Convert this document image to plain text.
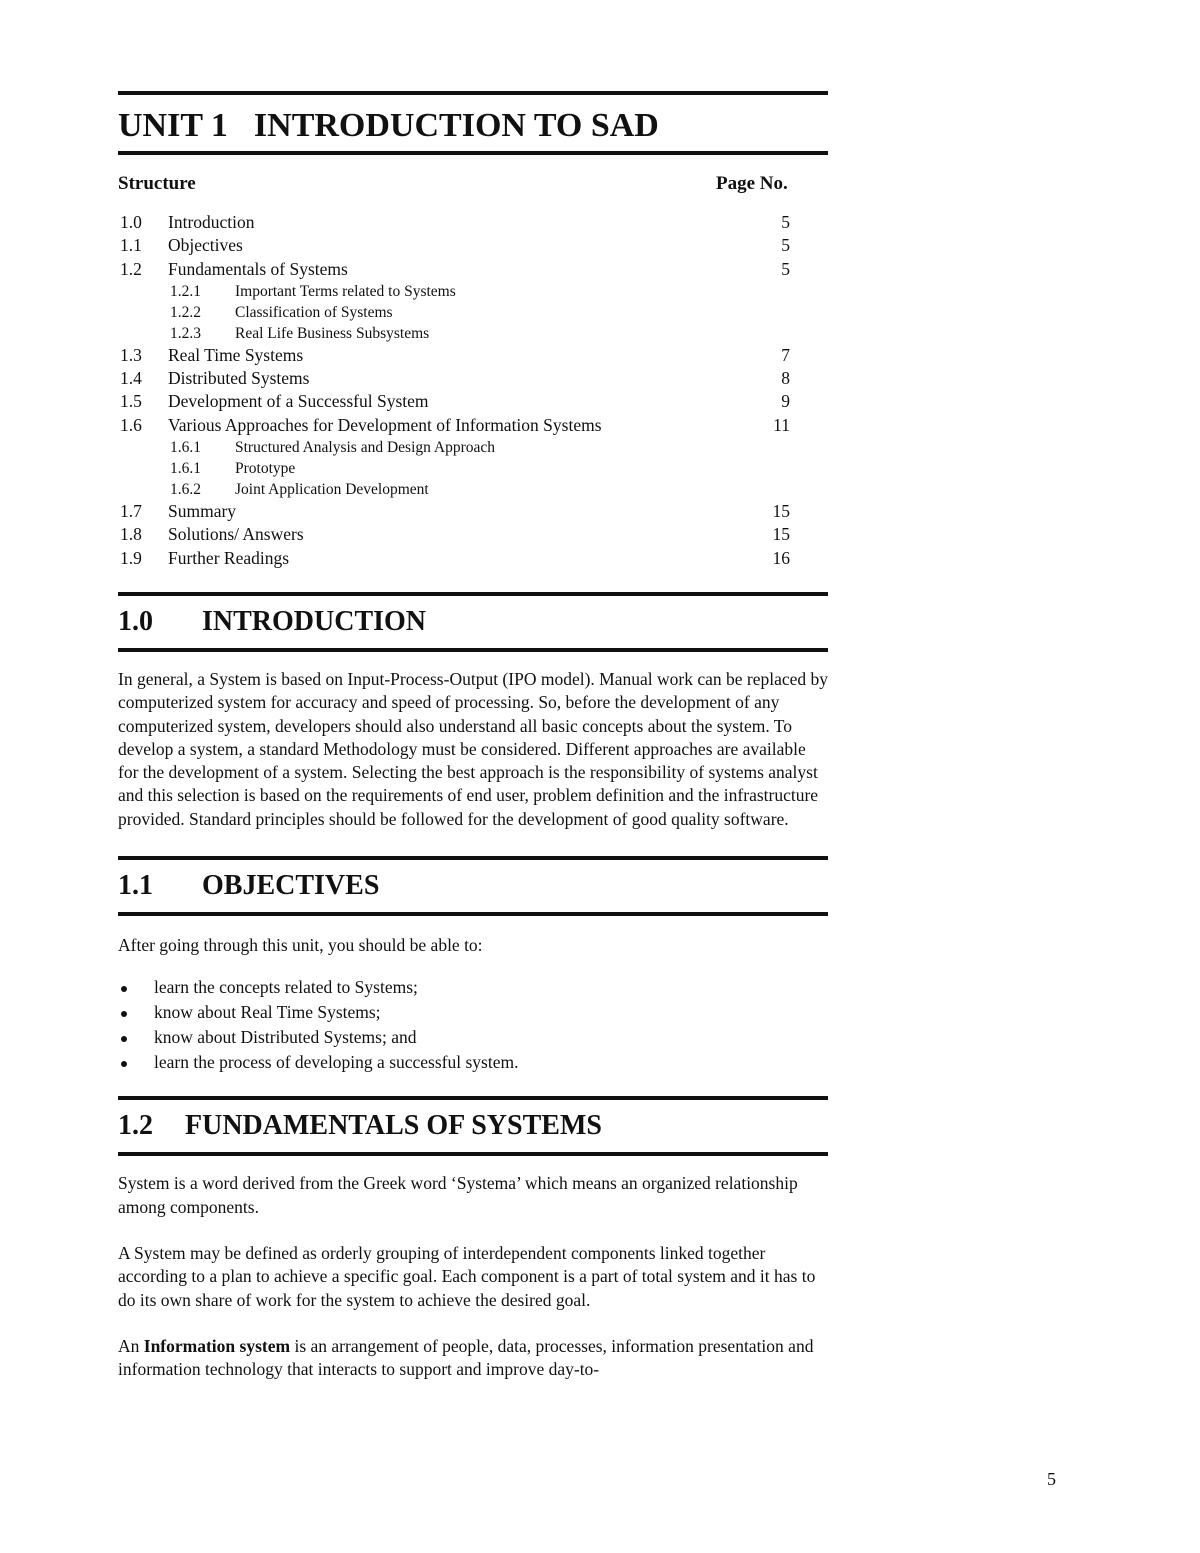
UNIT 1 INTRODUCTION TO SAD
Structure	Page No.
1.0 Introduction	5
1.1 Objectives	5
1.2 Fundamentals of Systems	5
1.2.1 Important Terms related to Systems
1.2.2 Classification of Systems
1.2.3 Real Life Business Subsystems
1.3 Real Time Systems	7
1.4 Distributed Systems	8
1.5 Development of a Successful System	9
1.6 Various Approaches for Development of Information Systems	11
1.6.1 Structured Analysis and Design Approach
1.6.1 Prototype
1.6.2 Joint Application Development
1.7 Summary	15
1.8 Solutions/ Answers	15
1.9 Further Readings	16
1.0 INTRODUCTION

In general, a System is based on Input-Process-Output (IPO model). Manual work can be replaced by computerized system for accuracy and speed of processing. So, before the development of any computerized system, developers should also understand all basic concepts about the system. To develop a system, a standard Methodology must be considered. Different approaches are available for the development of a system. Selecting the best approach is the responsibility of systems analyst and this selection is based on the requirements of end user, problem definition and the infrastructure provided. Standard principles should be followed for the development of good quality software.

1.1 OBJECTIVES

After going through this unit, you should be able to:

learn the concepts related to Systems;
know about Real Time Systems;
know about Distributed Systems; and
learn the process of developing a successful system.
1.2 FUNDAMENTALS OF SYSTEMS

System is a word derived from the Greek word ‘Systema’ which means an organized relationship among components.

A System may be defined as orderly grouping of interdependent components linked together according to a plan to achieve a specific goal. Each component is a part of total system and it has to do its own share of work for the system to achieve the desired goal.

An Information system is an arrangement of people, data, processes, information presentation and information technology that interacts to support and improve day-to-

5
